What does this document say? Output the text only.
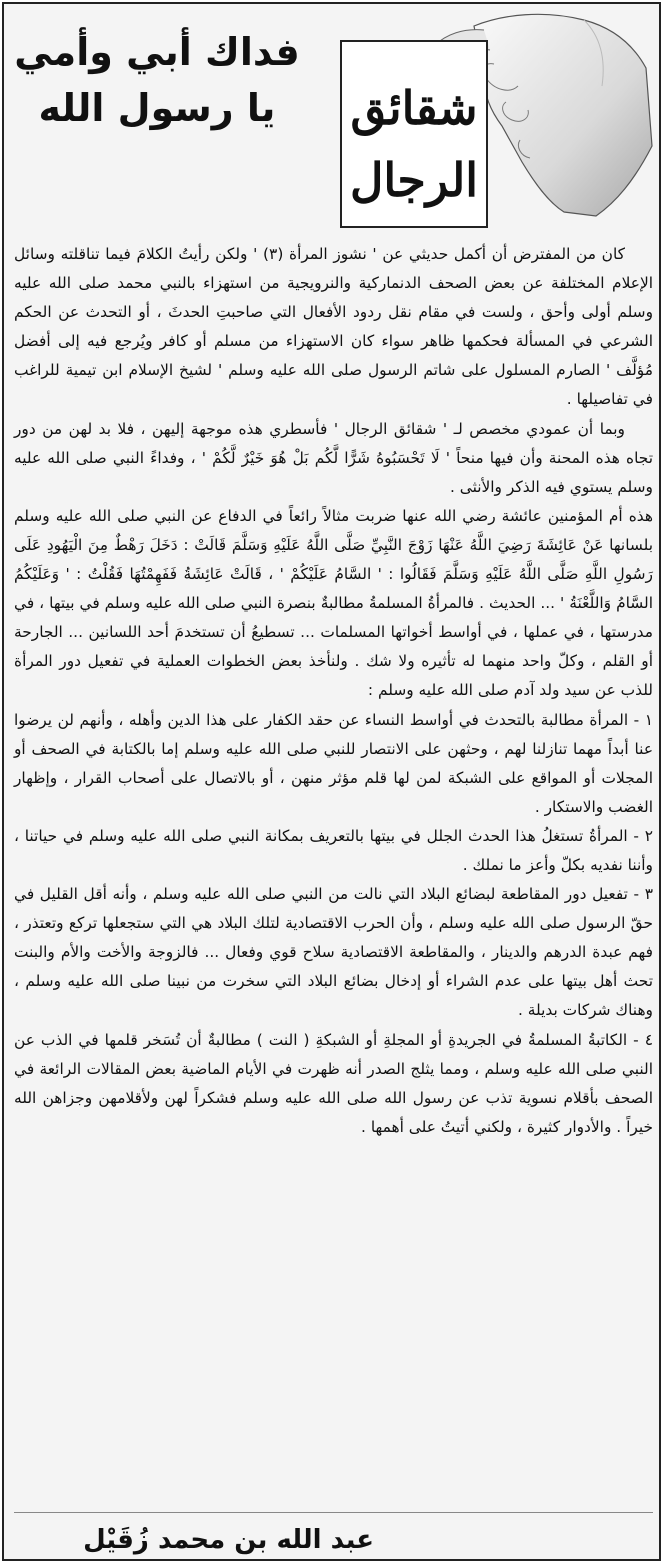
شقائق
الرجال
فداك أبي وأمي
يا رسول الله

كان من المفترض أن أكمل حديثي عن ' نشوز المرأة (٣) ' ولكن رأيتُ الكلامَ فيما تناقلته وسائل الإعلام المختلفة عن بعض الصحف الدنماركية والنرويجية من استهزاء بالنبي محمد صلى الله عليه وسلم أولى وأحق ، ولست في مقام نقل ردود الأفعال التي صاحبتِ الحدثَ ، أو التحدث عن الحكم الشرعي في المسألة فحكمها ظاهر سواء كان الاستهزاء من مسلم أو كافر ويُرجع فيه إلى أفضل مُؤلَّف ' الصارم المسلول على شاتم الرسول صلى الله عليه وسلم ' لشيخ الإسلام ابن تيمية للراغب في تفاصيلها .

وبما أن عمودي مخصص لـ ' شقائق الرجال ' فأسطري هذه موجهة إليهن ، فلا بد لهن من دور تجاه هذه المحنة وأن فيها منحاً ' لَا تَحْسَبُوهُ شَرًّا لَّكُم بَلْ هُوَ خَيْرٌ لَّكُمْ ' ، وفداءً النبي صلى الله عليه وسلم يستوي فيه الذكر والأنثى .

هذه أم المؤمنين عائشة رضي الله عنها ضربت مثالاً رائعاً في الدفاع عن النبي صلى الله عليه وسلم بلسانها عَنْ عَائِشَةَ رَضِيَ اللَّهُ عَنْهَا زَوْجَ النَّبِيِّ صَلَّى اللَّهُ عَلَيْهِ وَسَلَّمَ قَالَتْ : دَخَلَ رَهْطٌ مِنَ الْيَهُودِ عَلَى رَسُولِ اللَّهِ صَلَّى اللَّهُ عَلَيْهِ وَسَلَّمَ فَقَالُوا : ' السَّامُ عَلَيْكُمْ ' ، قَالَتْ عَائِشَةُ فَفَهِمْتُهَا فَقُلْتُ : ' وَعَلَيْكُمُ السَّامُ وَاللَّعْنَةُ ' ... الحديث . فالمرأةُ المسلمةُ مطالبةٌ بنصرة النبي صلى الله عليه وسلم في بيتها ، في مدرستها ، في عملها ، في أواسط أخواتها المسلمات ... تسطيعُ أن تستخدمَ أحد اللسانين ... الجارحة أو القلم ، وكلّ واحد منهما له تأثيره ولا شك . ولنأخذ بعض الخطوات العملية في تفعيل دور المرأة للذب عن سيد ولد آدم صلى الله عليه وسلم :

١ - المرأة مطالبة بالتحدث في أواسط النساء عن حقد الكفار على هذا الدين وأهله ، وأنهم لن يرضوا عنا أبداً مهما تنازلنا لهم ، وحثهن على الانتصار للنبي صلى الله عليه وسلم إما بالكتابة في الصحف أو المجلات أو المواقع على الشبكة لمن لها قلم مؤثر منهن ، أو بالاتصال على أصحاب القرار ، وإظهار الغضب والاستكار .

٢ - المرأةُ تستغلُ هذا الحدث الجلل في بيتها بالتعريف بمكانة النبي صلى الله عليه وسلم في حياتنا ، وأننا نفديه بكلّ وأعز ما نملك .

٣ - تفعيل دور المقاطعة لبضائع البلاد التي نالت من النبي صلى الله عليه وسلم ، وأنه أقل القليل في حقّ الرسول صلى الله عليه وسلم ، وأن الحرب الاقتصادية لتلك البلاد هي التي ستجعلها تركع وتعتذر ، فهم عبدة الدرهم والدينار ، والمقاطعة الاقتصادية سلاح قوي وفعال ... فالزوجة والأخت والأم والبنت تحث أهل بيتها على عدم الشراء أو إدخال بضائع البلاد التي سخرت من نبينا صلى الله عليه وسلم ، وهناك شركات بديلة .

٤ - الكاتبةُ المسلمةُ في الجريدةِ أو المجلةِ أو الشبكةِ ( النت ) مطالبةٌ أن تُسَخر قلمها في الذب عن النبي صلى الله عليه وسلم ، ومما يثلج الصدر أنه ظهرت في الأيام الماضية بعض المقالات الرائعة في الصحف بأقلام نسوية تذب عن رسول الله صلى الله عليه وسلم فشكراً لهن ولأقلامهن وجزاهن الله خيراً . والأدوار كثيرة ، ولكني أتيتُ على أهمها .

عبد الله بن محمد زُقَيْل
